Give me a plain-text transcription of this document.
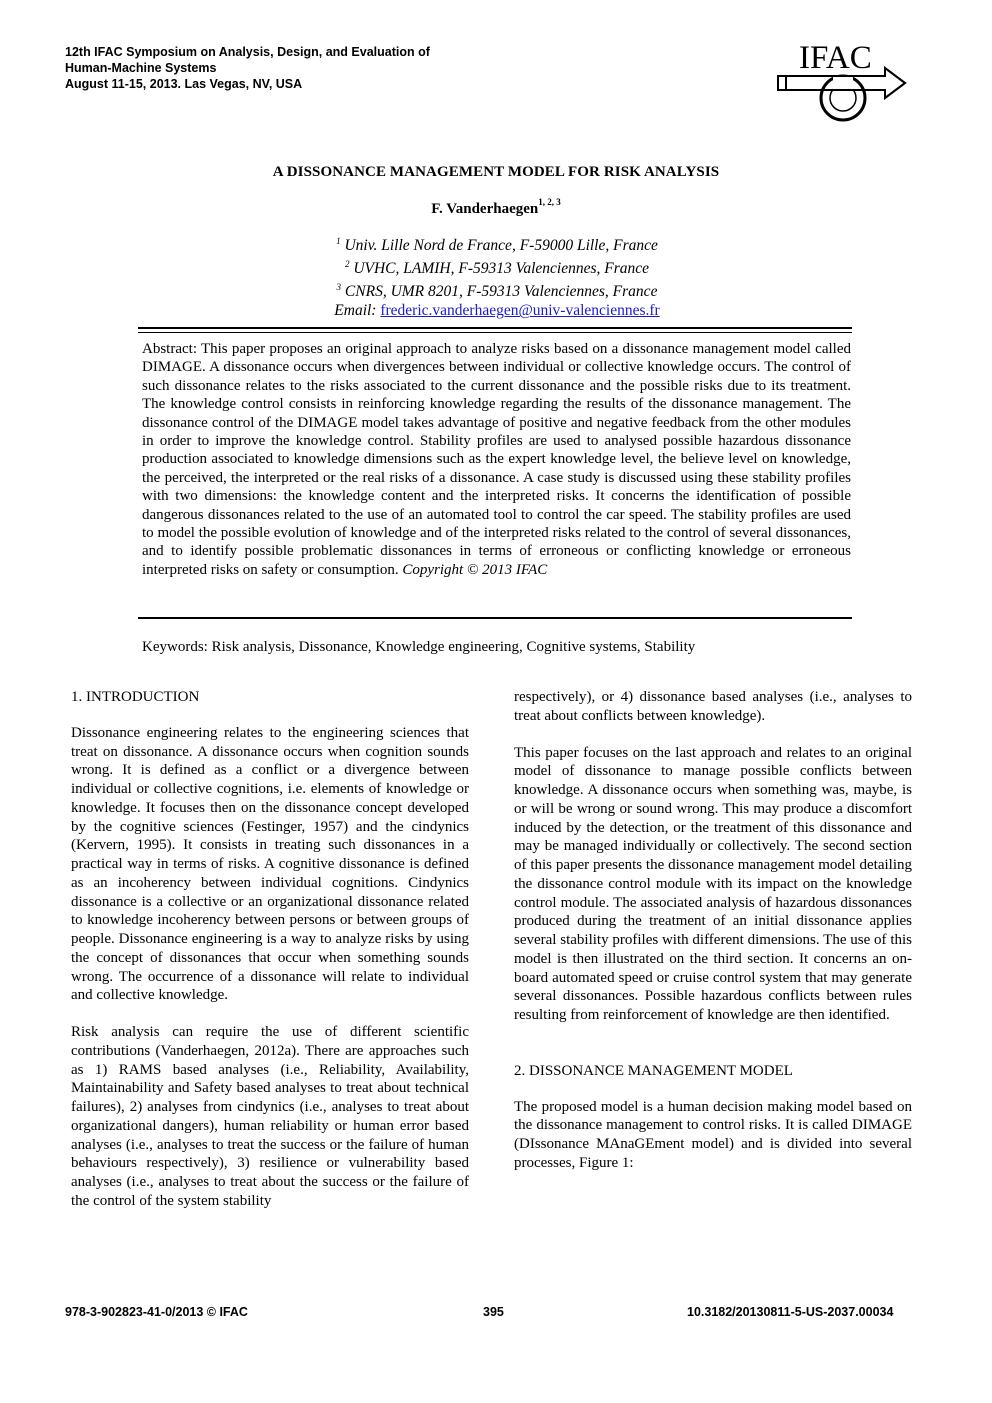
12th IFAC Symposium on Analysis, Design, and Evaluation of
Human-Machine Systems
August 11-15, 2013. Las Vegas, NV, USA
IFAC
A DISSONANCE MANAGEMENT MODEL FOR RISK ANALYSIS
F. Vanderhaegen$^{1, 2, 3}$
$^1$ Univ. Lille Nord de France, F-59000 Lille, France
$^2$ UVHC, LAMIH, F-59313 Valenciennes, France
$^3$ CNRS, UMR 8201, F-59313 Valenciennes, France
Email: frederic.vanderhaegen@univ-valenciennes.fr
Abstract: This paper proposes an original approach to analyze risks based on a dissonance management model called DIMAGE. A dissonance occurs when divergences between individual or collective knowledge occurs. The control of such dissonance relates to the risks associated to the current dissonance and the possible risks due to its treatment. The knowledge control consists in reinforcing knowledge regarding the results of the dissonance management. The dissonance control of the DIMAGE model takes advantage of positive and negative feedback from the other modules in order to improve the knowledge control. Stability profiles are used to analysed possible hazardous dissonance production associated to knowledge dimensions such as the expert knowledge level, the believe level on knowledge, the perceived, the interpreted or the real risks of a dissonance. A case study is discussed using these stability profiles with two dimensions: the knowledge content and the interpreted risks. It concerns the identification of possible dangerous dissonances related to the use of an automated tool to control the car speed. The stability profiles are used to model the possible evolution of knowledge and of the interpreted risks related to the control of several dissonances, and to identify possible problematic dissonances in terms of erroneous or conflicting knowledge or erroneous interpreted risks on safety or consumption. Copyright © 2013 IFAC
Keywords: Risk analysis, Dissonance, Knowledge engineering, Cognitive systems, Stability

1. INTRODUCTION

Dissonance engineering relates to the engineering sciences that treat on dissonance. A dissonance occurs when cognition sounds wrong. It is defined as a conflict or a divergence between individual or collective cognitions, i.e. elements of knowledge or knowledge. It focuses then on the dissonance concept developed by the cognitive sciences (Festinger, 1957) and the cindynics (Kervern, 1995). It consists in treating such dissonances in a practical way in terms of risks. A cognitive dissonance is defined as an incoherency between individual cognitions. Cindynics dissonance is a collective or an organizational dissonance related to knowledge incoherency between persons or between groups of people. Dissonance engineering is a way to analyze risks by using the concept of dissonances that occur when something sounds wrong. The occurrence of a dissonance will relate to individual and collective knowledge.

Risk analysis can require the use of different scientific contributions (Vanderhaegen, 2012a). There are approaches such as 1) RAMS based analyses (i.e., Reliability, Availability, Maintainability and Safety based analyses to treat about technical failures), 2) analyses from cindynics (i.e., analyses to treat about organizational dangers), human reliability or human error based analyses (i.e., analyses to treat the success or the failure of human behaviours respectively), 3) resilience or vulnerability based analyses (i.e., analyses to treat about the success or the failure of the control of the system stability

respectively), or 4) dissonance based analyses (i.e., analyses to treat about conflicts between knowledge).

This paper focuses on the last approach and relates to an original model of dissonance to manage possible conflicts between knowledge. A dissonance occurs when something was, maybe, is or will be wrong or sound wrong. This may produce a discomfort induced by the detection, or the treatment of this dissonance and may be managed individually or collectively. The second section of this paper presents the dissonance management model detailing the dissonance control module with its impact on the knowledge control module. The associated analysis of hazardous dissonances produced during the treatment of an initial dissonance applies several stability profiles with different dimensions. The use of this model is then illustrated on the third section. It concerns an on-board automated speed or cruise control system that may generate several dissonances. Possible hazardous conflicts between rules resulting from reinforcement of knowledge are then identified.

2. DISSONANCE MANAGEMENT MODEL

The proposed model is a human decision making model based on the dissonance management to control risks. It is called DIMAGE (DIssonance MAnaGEment model) and is divided into several processes, Figure 1:

978-3-902823-41-0/2013 © IFAC	395	10.3182/20130811-5-US-2037.00034
